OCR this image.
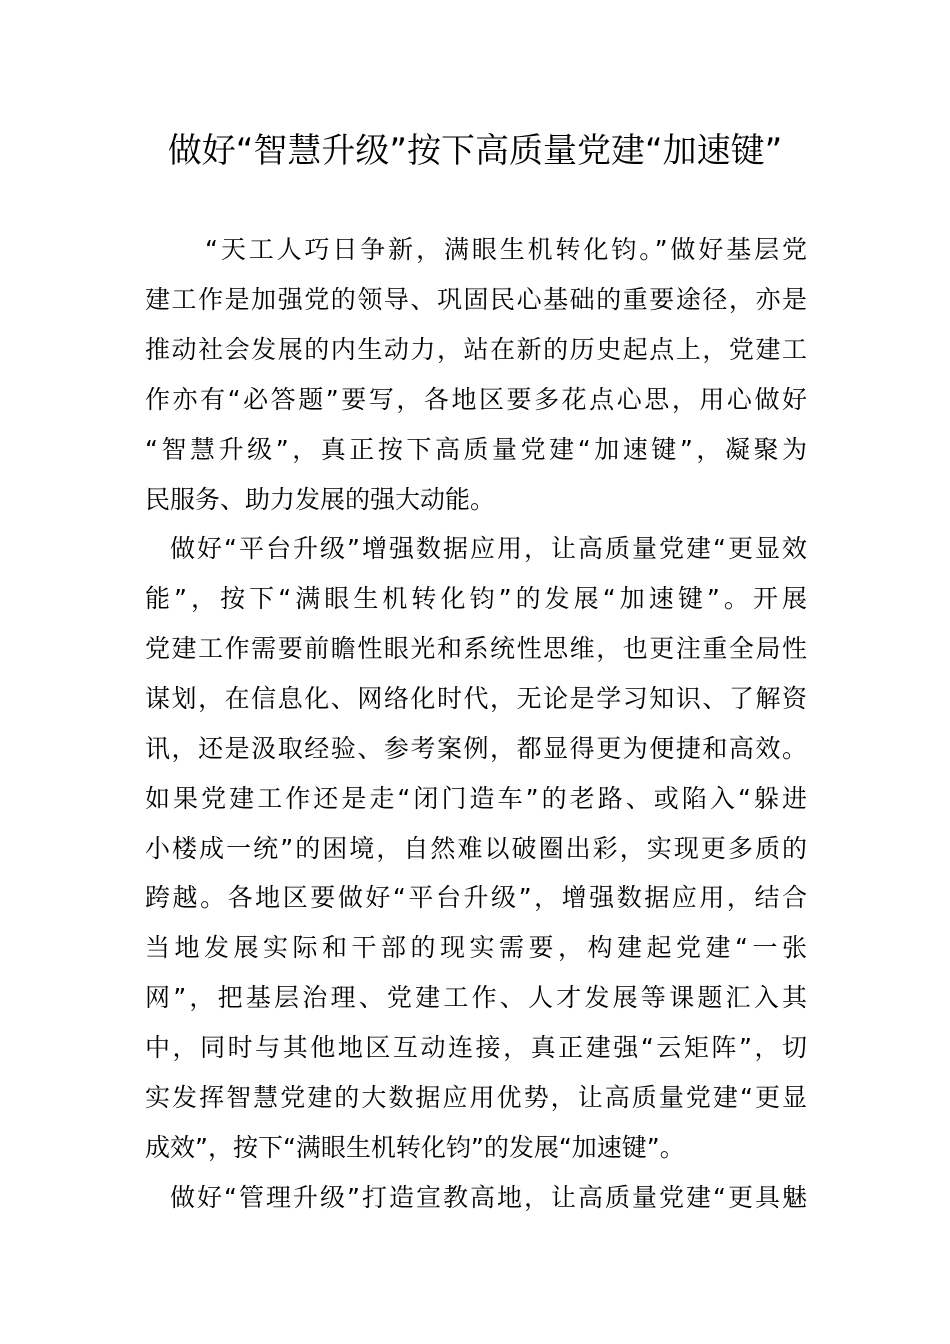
做好“智慧升级”按下高质量党建“加速键”

“天工人巧日争新，满眼生机转化钧。”做好基层党

建工作是加强党的领导、巩固民心基础的重要途径，亦是

推动社会发展的内生动力，站在新的历史起点上，党建工

作亦有“必答题”要写，各地区要多花点心思，用心做好

“智慧升级”，真正按下高质量党建“加速键”，凝聚为

民服务、助力发展的强大动能。

做好“平台升级”增强数据应用，让高质量党建“更显效

能”，按下“满眼生机转化钧”的发展“加速键”。开展

党建工作需要前瞻性眼光和系统性思维，也更注重全局性

谋划，在信息化、网络化时代，无论是学习知识、了解资

讯，还是汲取经验、参考案例，都显得更为便捷和高效。

如果党建工作还是走“闭门造车”的老路、或陷入“躲进

小楼成一统”的困境，自然难以破圈出彩，实现更多质的

跨越。各地区要做好“平台升级”，增强数据应用，结合

当地发展实际和干部的现实需要，构建起党建“一张

网”，把基层治理、党建工作、人才发展等课题汇入其

中，同时与其他地区互动连接，真正建强“云矩阵”，切

实发挥智慧党建的大数据应用优势，让高质量党建“更显

成效”，按下“满眼生机转化钧”的发展“加速键”。

做好“管理升级”打造宣教高地，让高质量党建“更具魅
